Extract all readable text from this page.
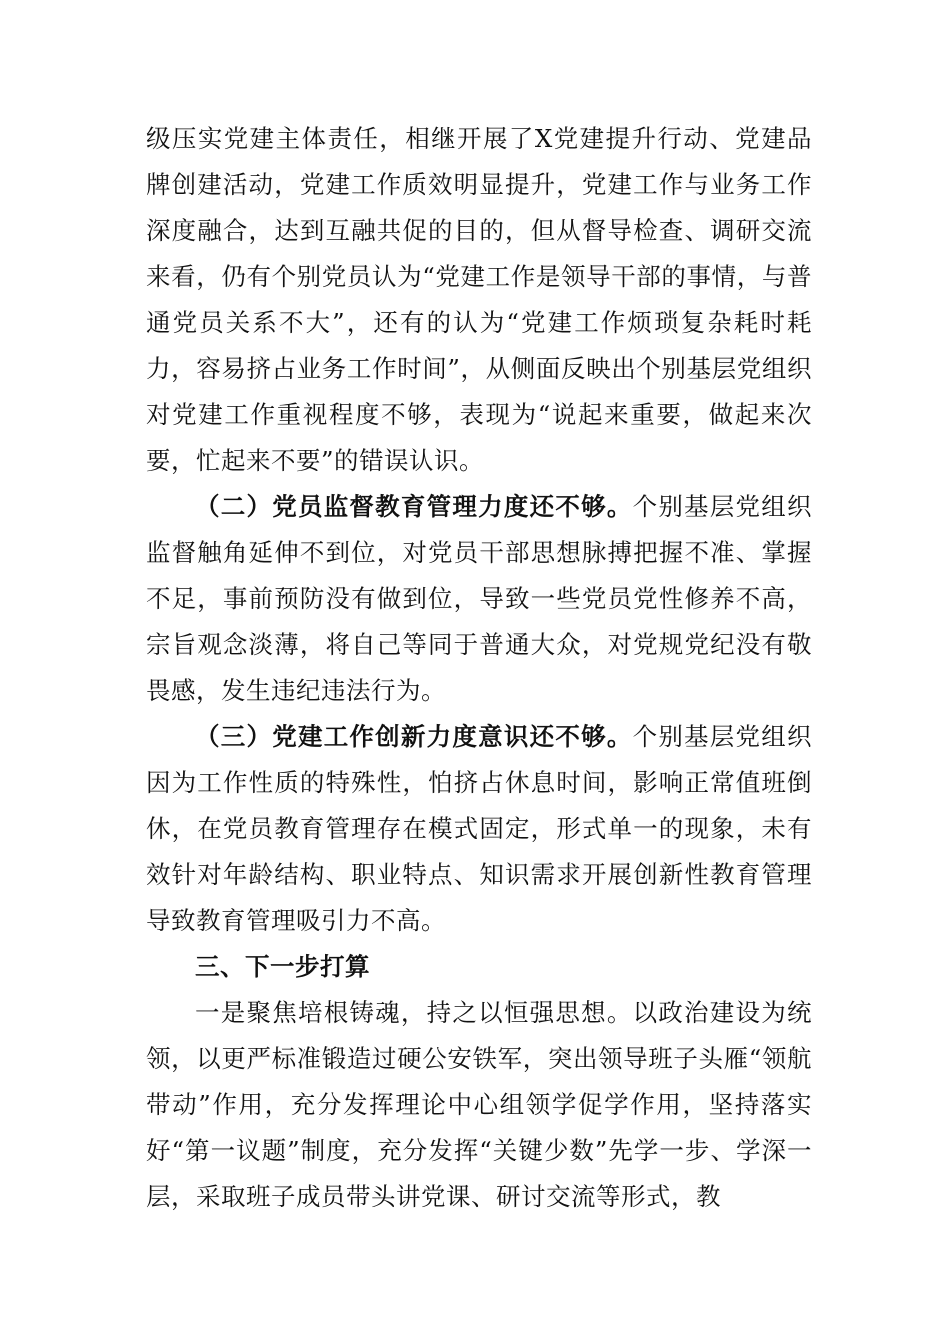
级压实党建主体责任，相继开展了X党建提升行动、党建品牌创建活动，党建工作质效明显提升，党建工作与业务工作深度融合，达到互融共促的目的，但从督导检查、调研交流来看，仍有个别党员认为“党建工作是领导干部的事情，与普通党员关系不大”，还有的认为“党建工作烦琐复杂耗时耗力，容易挤占业务工作时间”，从侧面反映出个别基层党组织对党建工作重视程度不够，表现为“说起来重要，做起来次要，忙起来不要”的错误认识。

（二）党员监督教育管理力度还不够。个别基层党组织监督触角延伸不到位，对党员干部思想脉搏把握不准、掌握不足，事前预防没有做到位，导致一些党员党性修养不高，宗旨观念淡薄，将自己等同于普通大众，对党规党纪没有敬畏感，发生违纪违法行为。

（三）党建工作创新力度意识还不够。个别基层党组织因为工作性质的特殊性，怕挤占休息时间，影响正常值班倒休，在党员教育管理存在模式固定，形式单一的现象，未有效针对年龄结构、职业特点、知识需求开展创新性教育管理导致教育管理吸引力不高。

三、下一步打算

一是聚焦培根铸魂，持之以恒强思想。以政治建设为统领，以更严标准锻造过硬公安铁军，突出领导班子头雁“领航带动”作用，充分发挥理论中心组领学促学作用，坚持落实好“第一议题”制度，充分发挥“关键少数”先学一步、学深一层，采取班子成员带头讲党课、研讨交流等形式，教
